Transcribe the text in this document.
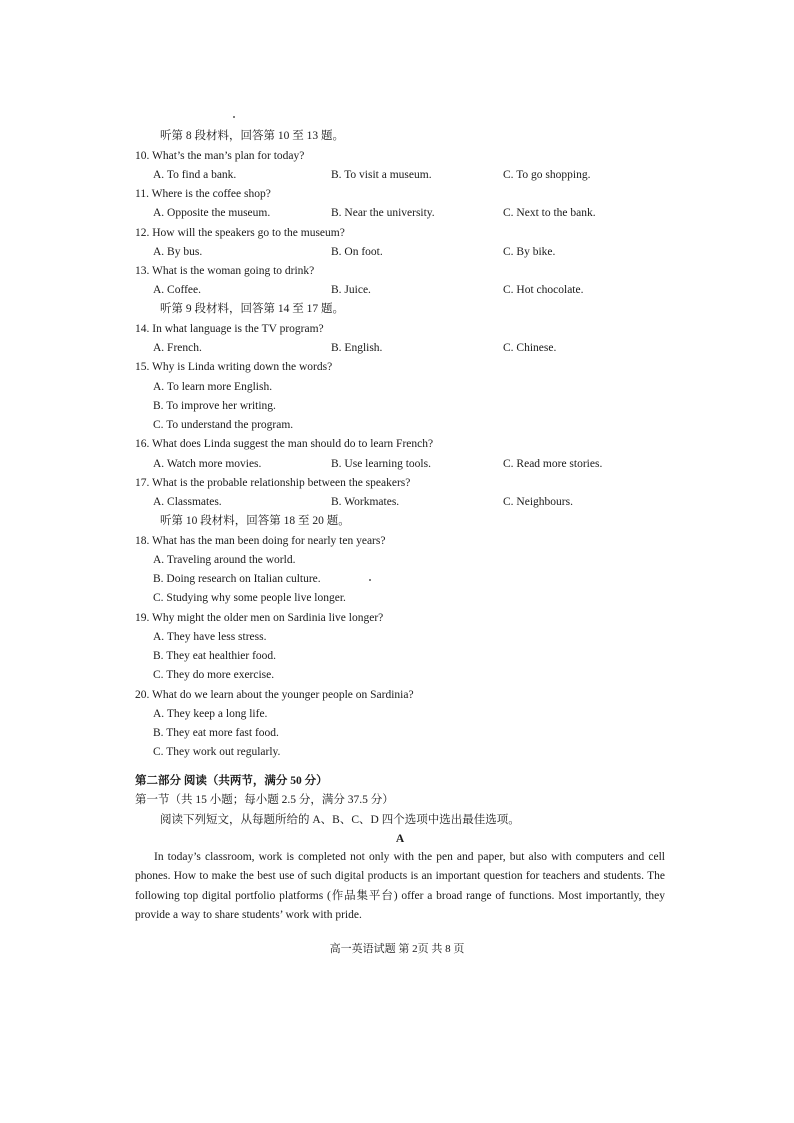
听第 8 段材料，回答第 10 至 13 题。
10. What’s the man’s plan for today?
A. To find a bank.	B. To visit a museum.	C. To go shopping.
11. Where is the coffee shop?
A. Opposite the museum.	B. Near the university.	C. Next to the bank.
12. How will the speakers go to the museum?
A. By bus.	B. On foot.	C. By bike.
13. What is the woman going to drink?
A. Coffee.	B. Juice.	C. Hot chocolate.
听第 9 段材料，回答第 14 至 17 题。
14. In what language is the TV program?
A. French.	B. English.	C. Chinese.
15. Why is Linda writing down the words?
A. To learn more English.
B. To improve her writing.
C. To understand the program.
16. What does Linda suggest the man should do to learn French?
A. Watch more movies.	B. Use learning tools.	C. Read more stories.
17. What is the probable relationship between the speakers?
A. Classmates.	B. Workmates.	C. Neighbours.
听第 10 段材料，回答第 18 至 20 题。
18. What has the man been doing for nearly ten years?
A. Traveling around the world.
B. Doing research on Italian culture.
C. Studying why some people live longer.
19. Why might the older men on Sardinia live longer?
A. They have less stress.
B. They eat healthier food.
C. They do more exercise.
20. What do we learn about the younger people on Sardinia?
A. They keep a long life.
B. They eat more fast food.
C. They work out regularly.
第二部分 阅读（共两节，满分 50 分）
第一节（共 15 小题；每小题 2.5 分，满分 37.5 分）
阅读下列短文，从每题所给的 A、B、C、D 四个选项中选出最佳选项。
A
In today’s classroom, work is completed not only with the pen and paper, but also with computers and cell phones. How to make the best use of such digital products is an important question for teachers and students. The following top digital portfolio platforms (作品集平台) offer a broad range of functions. Most importantly, they provide a way to share students’ work with pride.
高一英语试题 第 2页 共 8 页
